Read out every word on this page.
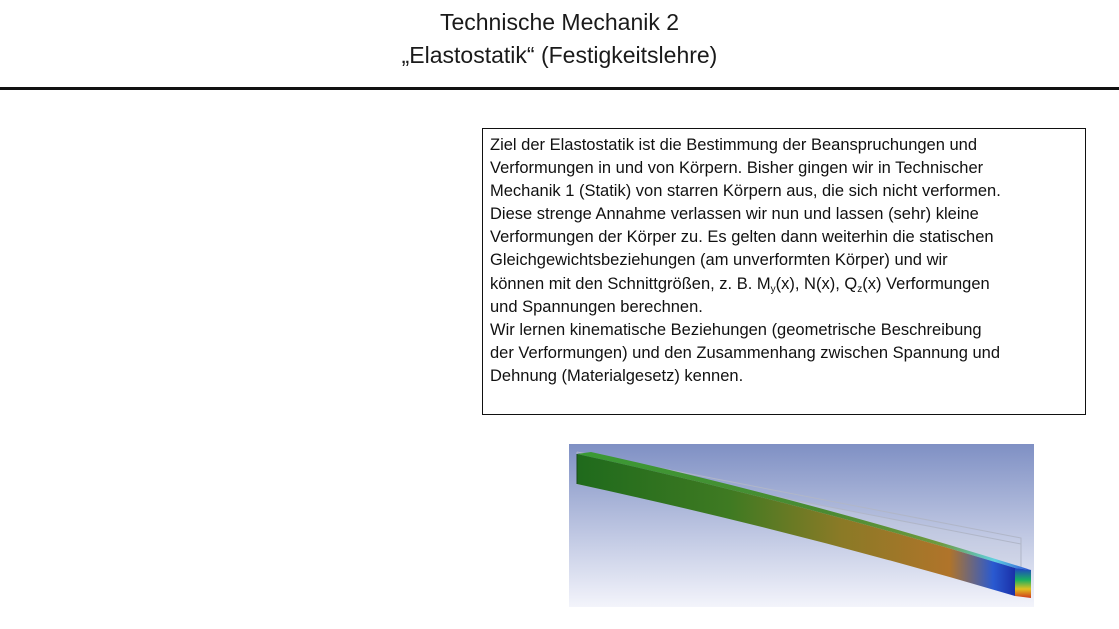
Technische Mechanik 2
„Elastostatik“ (Festigkeitslehre)
Ziel der Elastostatik ist die Bestimmung der Beanspruchungen und
Verformungen in und von Körpern. Bisher gingen wir in Technischer
Mechanik 1 (Statik) von starren Körpern aus, die sich nicht verformen.
Diese strenge Annahme verlassen wir nun und lassen (sehr) kleine
Verformungen der Körper zu. Es gelten dann weiterhin die statischen
Gleichgewichtsbeziehungen (am unverformten Körper) und wir
können mit den Schnittgrößen, z. B. $M_y(x)$, N(x), $Q_z(x)$ Verformungen
und Spannungen berechnen.
Wir lernen kinematische Beziehungen (geometrische Beschreibung
der Verformungen) und den Zusammenhang zwischen Spannung und
Dehnung (Materialgesetz) kennen.
